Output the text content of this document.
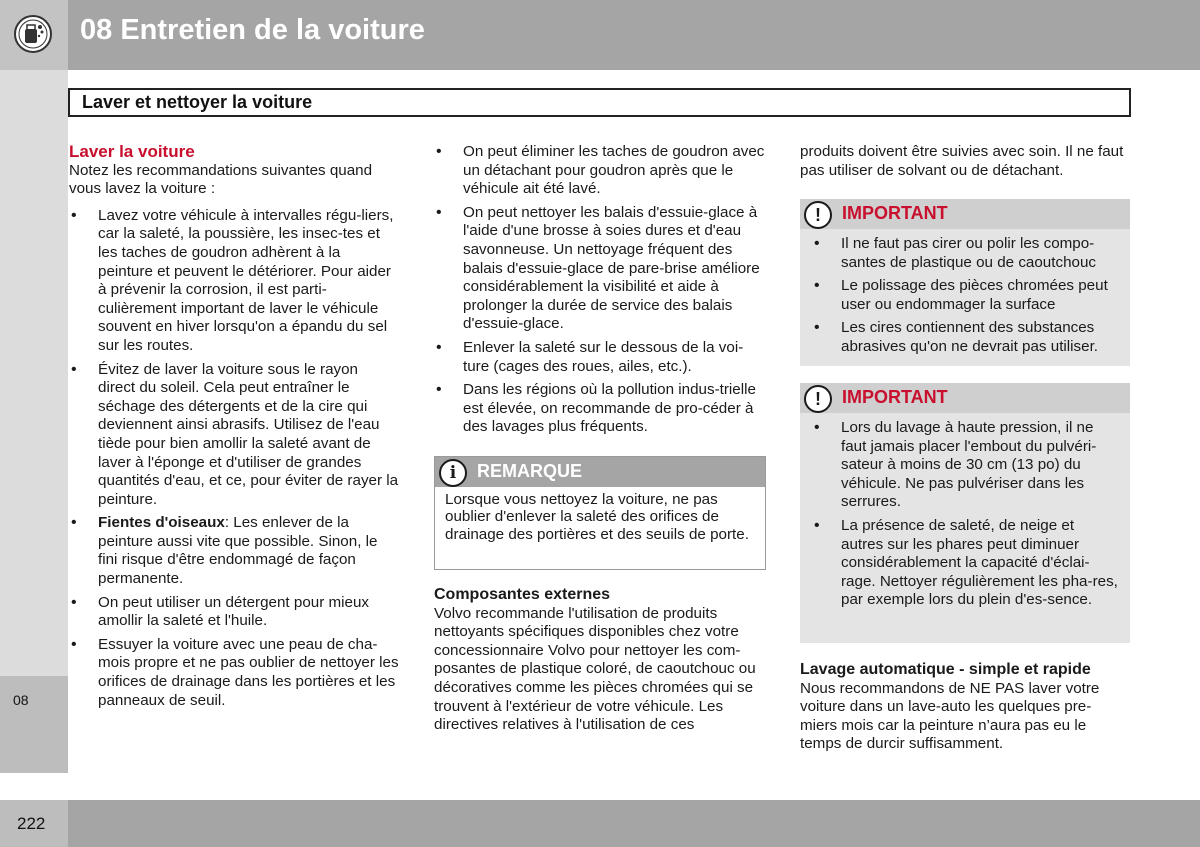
08 Entretien de la voiture
Laver et nettoyer la voiture
08
222

Laver la voiture

Notez les recommandations suivantes quand vous lavez la voiture :

• Lavez votre véhicule à intervalles régu-liers, car la saleté, la poussière, les insec-tes et les taches de goudron adhèrent à la peinture et peuvent le détériorer. Pour aider à prévenir la corrosion, il est parti-culièrement important de laver le véhicule souvent en hiver lorsqu'on a épandu du sel sur les routes.
• Évitez de laver la voiture sous le rayon direct du soleil. Cela peut entraîner le séchage des détergents et de la cire qui deviennent ainsi abrasifs. Utilisez de l'eau tiède pour bien amollir la saleté avant de laver à l'éponge et d'utiliser de grandes quantités d'eau, et ce, pour éviter de rayer la peinture.
• Fientes d'oiseaux: Les enlever de la peinture aussi vite que possible. Sinon, le fini risque d'être endommagé de façon permanente.
• On peut utiliser un détergent pour mieux amollir la saleté et l'huile.
• Essuyer la voiture avec une peau de cha-mois propre et ne pas oublier de nettoyer les orifices de drainage dans les portières et les panneaux de seuil.
• On peut éliminer les taches de goudron avec un détachant pour goudron après que le véhicule ait été lavé.
• On peut nettoyer les balais d'essuie-glace à l'aide d'une brosse à soies dures et d'eau savonneuse. Un nettoyage fréquent des balais d'essuie-glace de pare-brise améliore considérablement la visibilité et aide à prolonger la durée de service des balais d'essuie-glace.
• Enlever la saleté sur le dessous de la voi-ture (cages des roues, ailes, etc.).
• Dans les régions où la pollution indus-trielle est élevée, on recommande de pro-céder à des lavages plus fréquents.
i	REMARQUE
Lorsque vous nettoyez la voiture, ne pas oublier d'enlever la saleté des orifices de drainage des portières et des seuils de porte.

Composantes externes

Volvo recommande l'utilisation de produits nettoyants spécifiques disponibles chez votre concessionnaire Volvo pour nettoyer les com-posantes de plastique coloré, de caoutchouc ou décoratives comme les pièces chromées qui se trouvent à l'extérieur de votre véhicule. Les directives relatives à l'utilisation de ces

produits doivent être suivies avec soin. Il ne faut pas utiliser de solvant ou de détachant.

!	IMPORTANT
• Il ne faut pas cirer ou polir les compo-santes de plastique ou de caoutchouc
• Le polissage des pièces chromées peut user ou endommager la surface
• Les cires contiennent des substances abrasives qu'on ne devrait pas utiliser.
!	IMPORTANT
• Lors du lavage à haute pression, il ne faut jamais placer l'embout du pulvéri-sateur à moins de 30 cm (13 po) du véhicule. Ne pas pulvériser dans les serrures.
• La présence de saleté, de neige et autres sur les phares peut diminuer considérablement la capacité d'éclai-rage. Nettoyer régulièrement les pha-res, par exemple lors du plein d'es-sence.

Lavage automatique - simple et rapide

Nous recommandons de NE PAS laver votre voiture dans un lave-auto les quelques pre-miers mois car la peinture n’aura pas eu le temps de durcir suffisamment.
